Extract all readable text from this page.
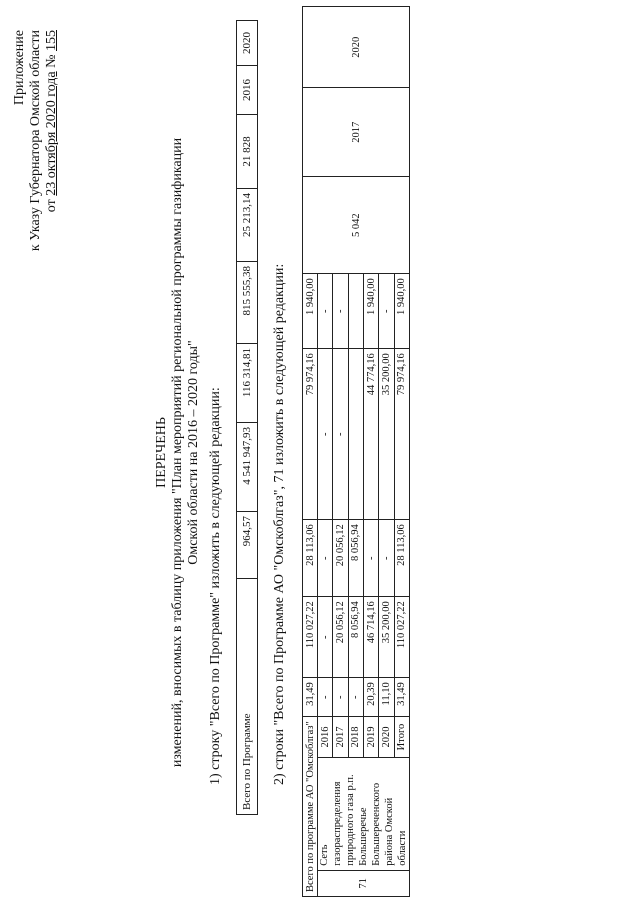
Приложение к Указу Губернатора Омской области от 23 октября 2020 года № 155
ПЕРЕЧЕНЬ изменений, вносимых в таблицу приложения "План мероприятий региональной программы газификации Омской области на 2016 – 2020 годы" 1) строку "Всего по Программе" изложить в следующей редакции: Всего по Программе	964,57	4 541 947,93	116 314,81	815 555,38	25 213,14	21 828	2016	2020
2) строки "Всего по Программе АО "Омскоблгаз", 71 изложить в следующей редакции:
Всего по программе АО "Омскоблгаз"			31,49	110 027,22	28 113,06	79 974,16	1 940,00	5 042	2017	2020
71	Сеть газораспределения природного газа р.п. Большеречье Большереченского района Омской области	2016	-	-	-	-	-			
		2017	-	20 056,12	20 056,12	-	-			
		2018	-	8 056,94	8 056,94					
		2019	20,39	46 714,16	-	44 774,16	1 940,00			
		2020	11,10	35 200,00	-	35 200,00	-			
		Итого	31,49	110 027,22	28 113,06	79 974,16	1 940,00			
